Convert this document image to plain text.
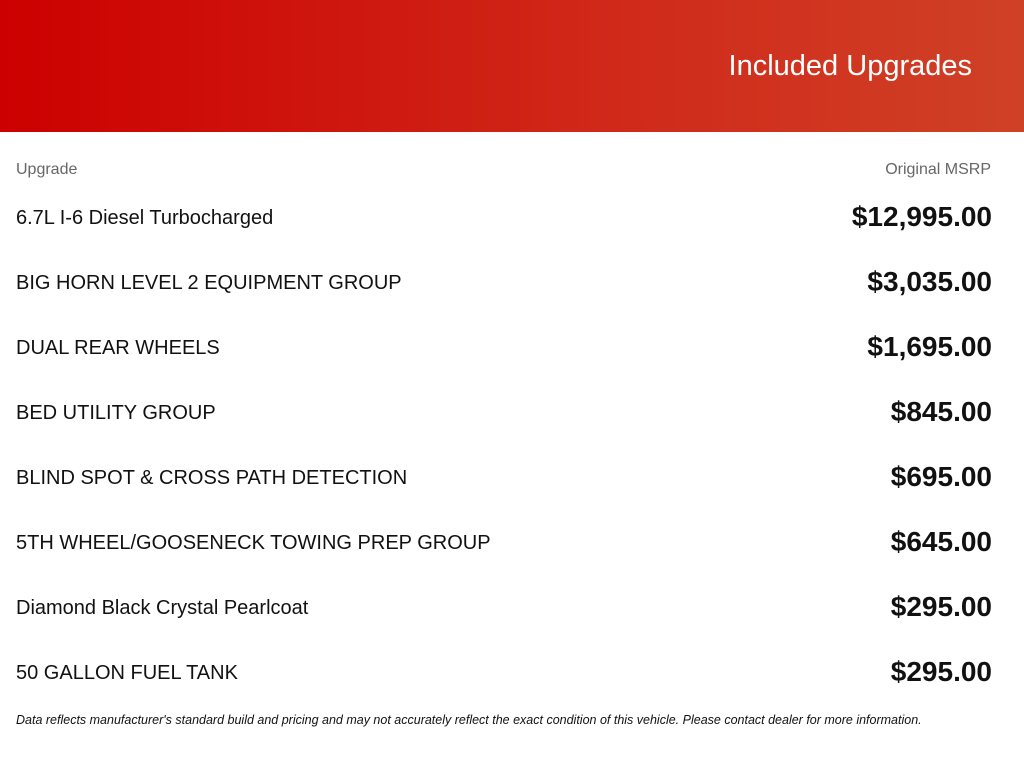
Included Upgrades
Upgrade	Original MSRP
6.7L I-6 Diesel Turbocharged	$12,995.00
BIG HORN LEVEL 2 EQUIPMENT GROUP	$3,035.00
DUAL REAR WHEELS	$1,695.00
BED UTILITY GROUP	$845.00
BLIND SPOT & CROSS PATH DETECTION	$695.00
5TH WHEEL/GOOSENECK TOWING PREP GROUP	$645.00
Diamond Black Crystal Pearlcoat	$295.00
50 GALLON FUEL TANK	$295.00
Data reflects manufacturer's standard build and pricing and may not accurately reflect the exact condition of this vehicle. Please contact dealer for more information.
